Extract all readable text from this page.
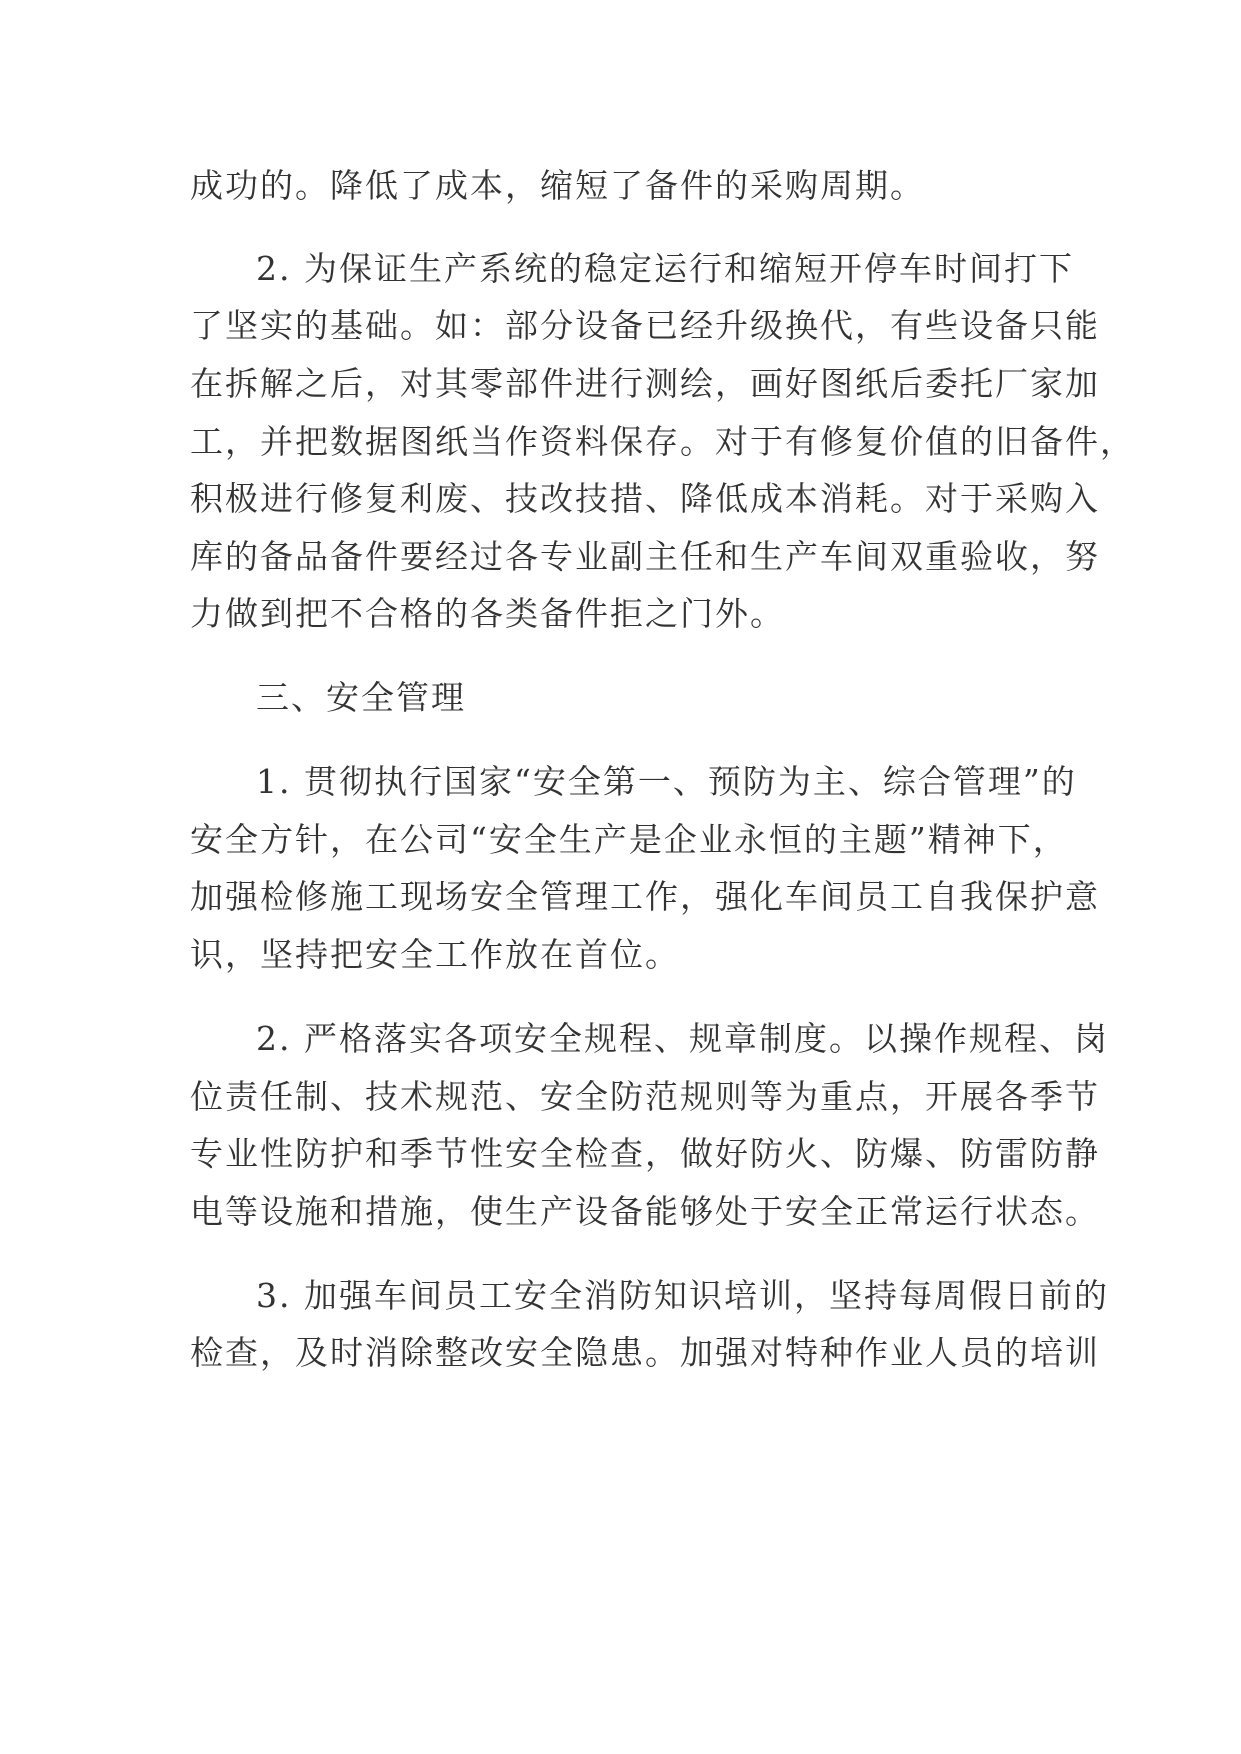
成功的。降低了成本，缩短了备件的采购周期。

2. 为保证生产系统的稳定运行和缩短开停车时间打下

了坚实的基础。如：部分设备已经升级换代，有些设备只能

在拆解之后，对其零部件进行测绘，画好图纸后委托厂家加

工，并把数据图纸当作资料保存。对于有修复价值的旧备件，

积极进行修复利废、技改技措、降低成本消耗。对于采购入

库的备品备件要经过各专业副主任和生产车间双重验收，努

力做到把不合格的各类备件拒之门外。

三、安全管理

1. 贯彻执行国家“安全第一、预防为主、综合管理”的

安全方针，在公司“安全生产是企业永恒的主题”精神下，

加强检修施工现场安全管理工作，强化车间员工自我保护意

识，坚持把安全工作放在首位。

2. 严格落实各项安全规程、规章制度。以操作规程、岗

位责任制、技术规范、安全防范规则等为重点，开展各季节

专业性防护和季节性安全检查，做好防火、防爆、防雷防静

电等设施和措施，使生产设备能够处于安全正常运行状态。

3. 加强车间员工安全消防知识培训，坚持每周假日前的

检查，及时消除整改安全隐患。加强对特种作业人员的培训
